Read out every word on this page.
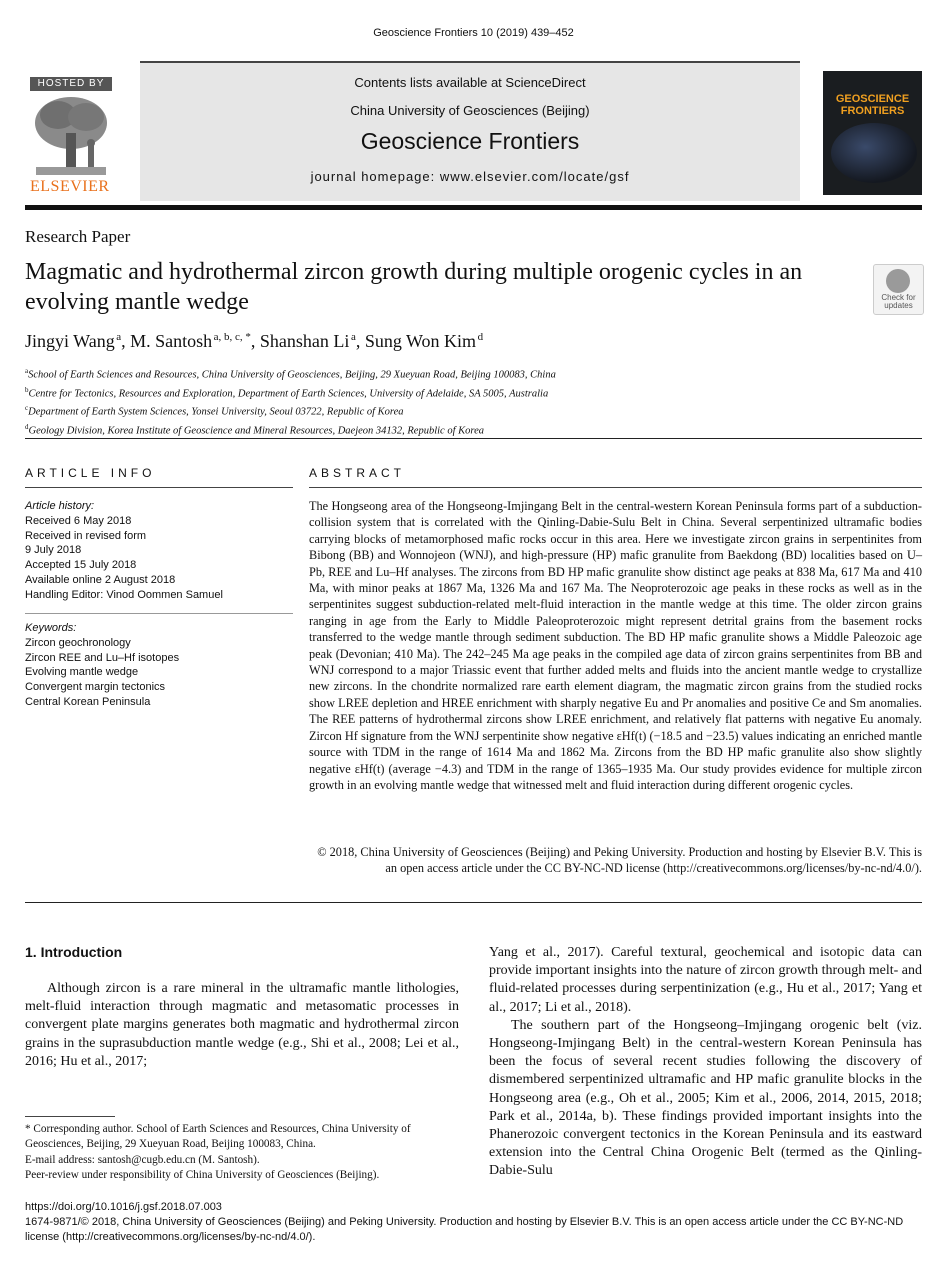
Geoscience Frontiers 10 (2019) 439–452
HOSTED BY
ELSEVIER
Contents lists available at ScienceDirect
China University of Geosciences (Beijing)
Geoscience Frontiers
journal homepage: www.elsevier.com/locate/gsf
GEOSCIENCE FRONTIERS
Research Paper
Magmatic and hydrothermal zircon growth during multiple orogenic cycles in an evolving mantle wedge	Check for updates
Jingyi Wang  $^a$, M. Santosh  $^{a, b, c, *}$, Shanshan Li  $^a$, Sung Won Kim  $^d$
$^a$School of Earth Sciences and Resources, China University of Geosciences, Beijing, 29 Xueyuan Road, Beijing 100083, China
$^b$Centre for Tectonics, Resources and Exploration, Department of Earth Sciences, University of Adelaide, SA 5005, Australia
$^c$Department of Earth System Sciences, Yonsei University, Seoul 03722, Republic of Korea
$^d$Geology Division, Korea Institute of Geoscience and Mineral Resources, Daejeon 34132, Republic of Korea
ARTICLE INFO
Article history:
Received 6 May 2018
Received in revised form
9 July 2018
Accepted 15 July 2018
Available online 2 August 2018
Handling Editor: Vinod Oommen Samuel
Keywords:
Zircon geochronology
Zircon REE and Lu–Hf isotopes
Evolving mantle wedge
Convergent margin tectonics
Central Korean Peninsula
ABSTRACT

The Hongseong area of the Hongseong-Imjingang Belt in the central-western Korean Peninsula forms part of a subduction-collision system that is correlated with the Qinling-Dabie-Sulu Belt in China. Several serpentinized ultramafic bodies carrying blocks of metamorphosed mafic rocks occur in this area. Here we investigate zircon grains in serpentinites from Bibong (BB) and Wonnojeon (WNJ), and high-pressure (HP) mafic granulite from Baekdong (BD) localities based on U–Pb, REE and Lu–Hf analyses. The zircons from BD HP mafic granulite show distinct age peaks at 838 Ma, 617 Ma and 410 Ma, with minor peaks at 1867 Ma, 1326 Ma and 167 Ma. The Neoproterozoic age peaks in these rocks as well as in the serpentinites suggest subduction-related melt-fluid interaction in the mantle wedge at this time. The older zircon grains ranging in age from the Early to Middle Paleoproterozoic might represent detrital grains from the basement rocks transferred to the wedge mantle through sediment subduction. The BD HP mafic granulite shows a Middle Paleozoic age peak (Devonian; 410 Ma). The 242–245 Ma age peaks in the compiled age data of zircon grains serpentinites from BB and WNJ correspond to a major Triassic event that further added melts and fluids into the ancient mantle wedge to crystallize new zircons. In the chondrite normalized rare earth element diagram, the magmatic zircon grains from the studied rocks show LREE depletion and HREE enrichment with sharply negative Eu and Pr anomalies and positive Ce and Sm anomalies. The REE patterns of hydrothermal zircons show LREE enrichment, and relatively flat patterns with negative Eu anomaly. Zircon Hf signature from the WNJ serpentinite show negative εHf(t) (−18.5 and −23.5) values indicating an enriched mantle source with TDM in the range of 1614 Ma and 1862 Ma. Zircons from the BD HP mafic granulite also show slightly negative εHf(t) (average −4.3) and TDM in the range of 1365–1935 Ma. Our study provides evidence for multiple zircon growth in an evolving mantle wedge that witnessed melt and fluid interaction during different orogenic cycles.

© 2018, China University of Geosciences (Beijing) and Peking University. Production and hosting by Elsevier B.V. This is an open access article under the CC BY-NC-ND license (http://creativecommons.org/licenses/by-nc-nd/4.0/).
1. Introduction

Although zircon is a rare mineral in the ultramafic mantle lithologies, melt-fluid interaction through magmatic and metasomatic processes in convergent plate margins generates both magmatic and hydrothermal zircon grains in the suprasubduction mantle wedge (e.g., Shi et al., 2008; Lei et al., 2016; Hu et al., 2017;

Yang et al., 2017). Careful textural, geochemical and isotopic data can provide important insights into the nature of zircon growth through melt- and fluid-related processes during serpentinization (e.g., Hu et al., 2017; Yang et al., 2017; Li et al., 2018).

The southern part of the Hongseong–Imjingang orogenic belt (viz. Hongseong-Imjingang Belt) in the central-western Korean Peninsula has been the focus of several recent studies following the discovery of dismembered serpentinized ultramafic and HP mafic granulite blocks in the Hongseong area (e.g., Oh et al., 2005; Kim et al., 2006, 2014, 2015, 2018; Park et al., 2014a, b). These findings provided important insights into the Phanerozoic convergent tectonics in the Korean Peninsula and its eastward extension into the Central China Orogenic Belt (termed as the Qinling-Dabie-Sulu

* Corresponding author. School of Earth Sciences and Resources, China University of Geosciences, Beijing, 29 Xueyuan Road, Beijing 100083, China.
E-mail address: santosh@cugb.edu.cn (M. Santosh).
Peer-review under responsibility of China University of Geosciences (Beijing).
https://doi.org/10.1016/j.gsf.2018.07.003
1674-9871/© 2018, China University of Geosciences (Beijing) and Peking University. Production and hosting by Elsevier B.V. This is an open access article under the CC BY-NC-ND license (http://creativecommons.org/licenses/by-nc-nd/4.0/).
